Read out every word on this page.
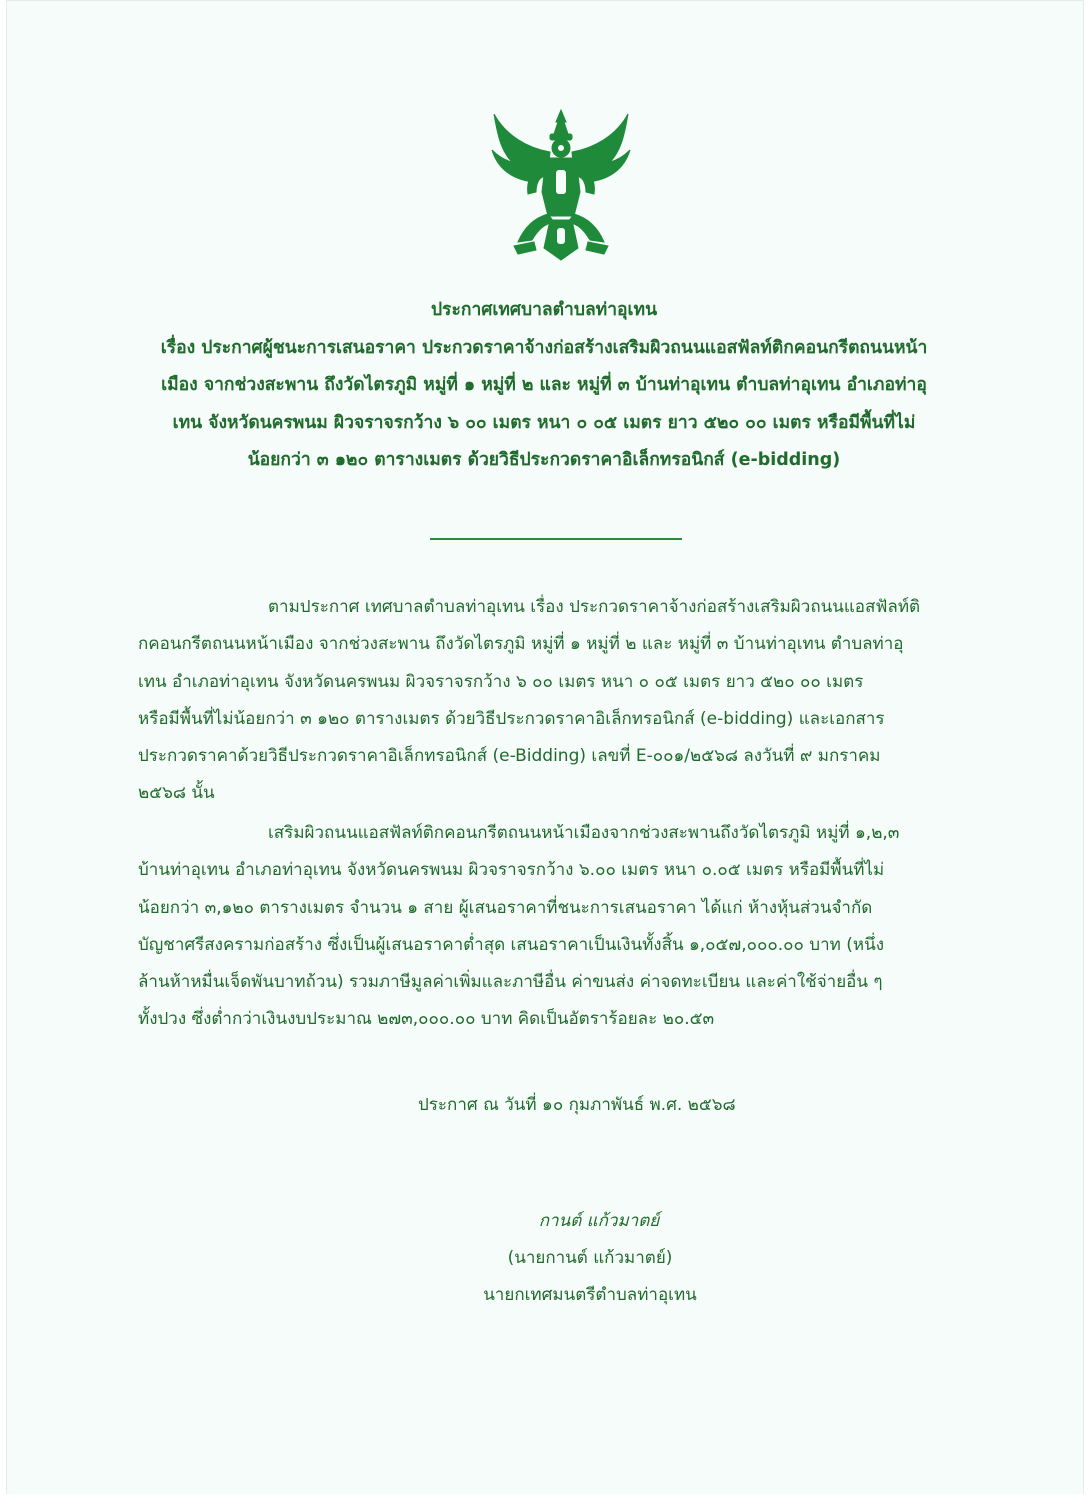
ประกาศเทศบาลตำบลท่าอุเทน
เรื่อง ประกาศผู้ชนะการเสนอราคา ประกวดราคาจ้างก่อสร้างเสริมผิวถนนแอสฟัลท์ติกคอนกรีตถนนหน้า
เมือง จากช่วงสะพาน ถึงวัดไตรภูมิ หมู่ที่ ๑ หมู่ที่ ๒ และ หมู่ที่ ๓ บ้านท่าอุเทน ตำบลท่าอุเทน อำเภอท่าอุ
เทน จังหวัดนครพนม ผิวจราจรกว้าง ๖ ๐๐ เมตร หนา ๐ ๐๕ เมตร ยาว ๕๒๐ ๐๐ เมตร หรือมีพื้นที่ไม่
น้อยกว่า ๓ ๑๒๐ ตารางเมตร ด้วยวิธีประกวดราคาอิเล็กทรอนิกส์ (e-bidding)
ตามประกาศ เทศบาลตำบลท่าอุเทน เรื่อง ประกวดราคาจ้างก่อสร้างเสริมผิวถนนแอสฟัลท์ติ
กคอนกรีตถนนหน้าเมือง จากช่วงสะพาน ถึงวัดไตรภูมิ หมู่ที่ ๑ หมู่ที่ ๒ และ หมู่ที่ ๓ บ้านท่าอุเทน ตำบลท่าอุ
เทน อำเภอท่าอุเทน จังหวัดนครพนม ผิวจราจรกว้าง ๖ ๐๐ เมตร หนา ๐ ๐๕ เมตร ยาว ๕๒๐ ๐๐ เมตร
หรือมีพื้นที่ไม่น้อยกว่า ๓ ๑๒๐ ตารางเมตร ด้วยวิธีประกวดราคาอิเล็กทรอนิกส์ (e-bidding) และเอกสาร
ประกวดราคาด้วยวิธีประกวดราคาอิเล็กทรอนิกส์ (e-Bidding) เลขที่ E-๐๐๑/๒๕๖๘ ลงวันที่ ๙ มกราคม
๒๕๖๘ นั้น
เสริมผิวถนนแอสฟัลท์ติกคอนกรีตถนนหน้าเมืองจากช่วงสะพานถึงวัดไตรภูมิ หมู่ที่ ๑,๒,๓
บ้านท่าอุเทน อำเภอท่าอุเทน จังหวัดนครพนม ผิวจราจรกว้าง ๖.๐๐ เมตร หนา ๐.๐๕ เมตร หรือมีพื้นที่ไม่
น้อยกว่า ๓,๑๒๐ ตารางเมตร จำนวน ๑ สาย ผู้เสนอราคาที่ชนะการเสนอราคา ได้แก่ ห้างหุ้นส่วนจำกัด
บัญชาศรีสงครามก่อสร้าง ซึ่งเป็นผู้เสนอราคาต่ำสุด เสนอราคาเป็นเงินทั้งสิ้น ๑,๐๕๗,๐๐๐.๐๐ บาท (หนึ่ง
ล้านห้าหมื่นเจ็ดพันบาทถ้วน) รวมภาษีมูลค่าเพิ่มและภาษีอื่น ค่าขนส่ง ค่าจดทะเบียน และค่าใช้จ่ายอื่น ๆ
ทั้งปวง ซึ่งต่ำกว่าเงินงบประมาณ ๒๗๓,๐๐๐.๐๐ บาท คิดเป็นอัตราร้อยละ ๒๐.๕๓
ประกาศ ณ วันที่ ๑๐ กุมภาพันธ์ พ.ศ. ๒๕๖๘
กานต์ แก้วมาตย์
(นายกานต์ แก้วมาตย์)
นายกเทศมนตรีตำบลท่าอุเทน
